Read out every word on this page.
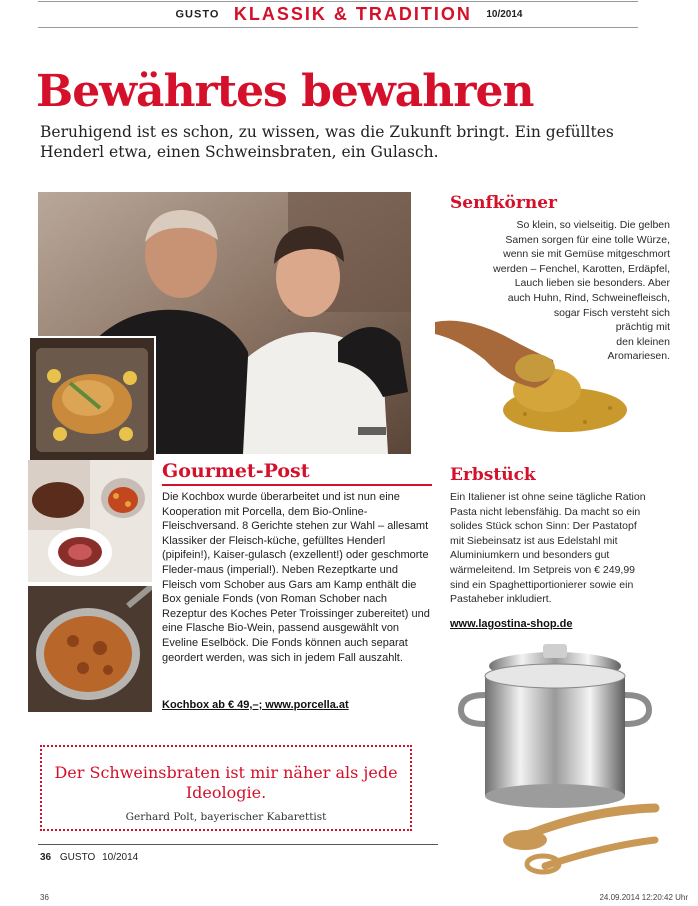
GUSTO KLASSIK & TRADITION 10/2014
Bewährtes bewahren
Beruhigend ist es schon, zu wissen, was die Zukunft bringt. Ein gefülltes Henderl etwa, einen Schweinsbraten, ein Gulasch.
Senfkörner
So klein, so vielseitig. Die gelben
Samen sorgen für eine tolle Würze,
wenn sie mit Gemüse mitgeschmort
werden – Fenchel, Karotten, Erdäpfel,
Lauch lieben sie besonders. Aber
auch Huhn, Rind, Schweinefleisch,
sogar Fisch versteht sich
prächtig mit
den kleinen
Aromariesen.
Gourmet-Post
Die Kochbox wurde überarbeitet und ist nun eine Kooperation mit Porcella, dem Bio-Online-Fleischversand. 8 Gerichte stehen zur Wahl – allesamt Klassiker der Fleisch-küche, gefülltes Henderl (pipifein!), Kaiser-gulasch (exzellent!) oder geschmorte Fleder-maus (imperial!). Neben Rezeptkarte und Fleisch vom Schober aus Gars am Kamp enthält die Box geniale Fonds (von Roman Schober nach Rezeptur des Koches Peter Troissinger zubereitet) und eine Flasche Bio-Wein, passend ausgewählt von Eveline Eselböck. Die Fonds können auch separat geordert werden, was sich in jedem Fall auszahlt.
Kochbox ab € 49,–; www.porcella.at
Erbstück
Ein Italiener ist ohne seine tägliche Ration Pasta nicht lebensfähig. Da macht so ein solides Stück schon Sinn: Der Pastatopf mit Siebeinsatz ist aus Edelstahl mit Aluminiumkern und besonders gut wärmeleitend. Im Setpreis von € 249,99 sind ein Spaghettiportionierer sowie ein Pastaheber inkludiert.
www.lagostina-shop.de
Der Schweinsbraten ist mir näher als jede Ideologie.
Gerhard Polt, bayerischer Kabarettist
36 GUSTO 10/2014
36	24.09.2014 12:20:42 Uhr
